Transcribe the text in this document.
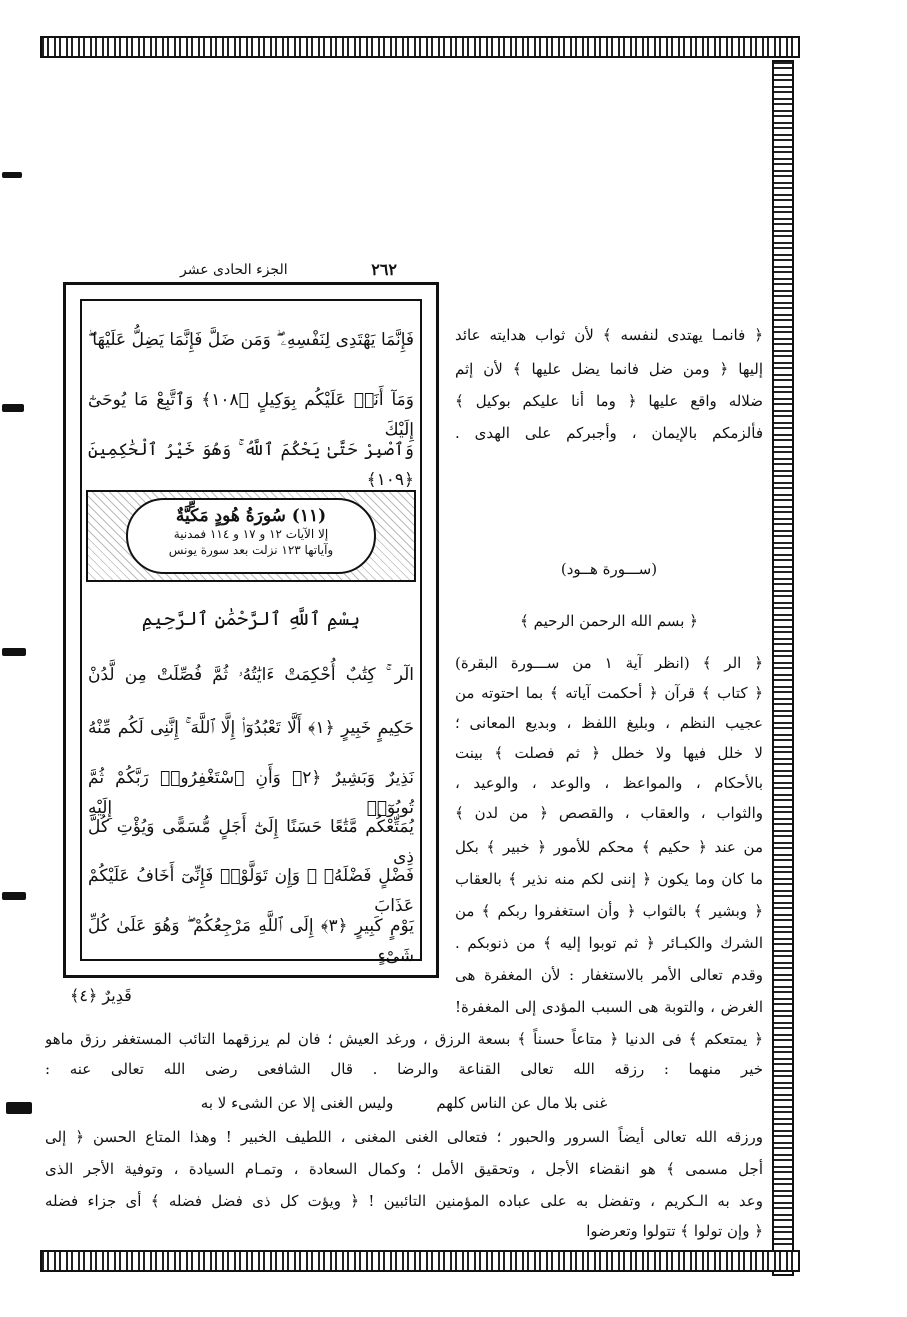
٢٦٢
الجزء الحادى عشر
فَإِنَّمَا يَهْتَدِى لِنَفْسِهِۦ ۖ وَمَن ضَلَّ فَإِنَّمَا يَضِلُّ عَلَيْهَا ۖ
وَمَآ أَنَا۠ عَلَيْكُم بِوَكِيلٍ ﴿١٠٨﴾ وَٱتَّبِعْ مَا يُوحَىٰٓ إِلَيْكَ
وَٱصْبِرْ حَتَّىٰ يَحْكُمَ ٱللَّهُ ۚ وَهُوَ خَيْرُ ٱلْحَٰكِمِينَ ﴿١٠٩﴾
(١١) سُورَةُ هُودٍ مَكِّيَّةٌ
إلا الآيات ١٢ و ١٧ و ١١٤ فمدنية
وآياتها ١٢٣ نزلت بعد سورة يونس
بِسْمِ ٱللَّهِ ٱلرَّحْمَٰنِ ٱلرَّحِيمِ
الٓر ۚ كِتَٰبٌ أُحْكِمَتْ ءَايَٰتُهُۥ ثُمَّ فُصِّلَتْ مِن لَّدُنْ
حَكِيمٍ خَبِيرٍ ﴿١﴾ أَلَّا تَعْبُدُوٓا۟ إِلَّا ٱللَّهَ ۚ إِنَّنِى لَكُم مِّنْهُ
نَذِيرٌ وَبَشِيرٌ ﴿٢﴾ وَأَنِ ٱسْتَغْفِرُوا۟ رَبَّكُمْ ثُمَّ تُوبُوٓا۟ إِلَيْهِ
يُمَتِّعْكُم مَّتَٰعًا حَسَنًا إِلَىٰٓ أَجَلٍ مُّسَمًّى وَيُؤْتِ كُلَّ ذِى
فَضْلٍ فَضْلَهُۥ ۖ وَإِن تَوَلَّوْا۟ فَإِنِّىٓ أَخَافُ عَلَيْكُمْ عَذَابَ
يَوْمٍ كَبِيرٍ ﴿٣﴾ إِلَى ٱللَّهِ مَرْجِعُكُمْ ۖ وَهُوَ عَلَىٰ كُلِّ شَىْءٍ
قَدِيرٌ ﴿٤﴾
﴿ فانمـا يهتدى لنفسه ﴾ لأن ثواب هدايته عائد
إليها ﴿ ومن ضل فانما يضل عليها ﴾ لأن إثم
ضلاله واقع عليها ﴿ وما أنا عليكم بوكيل ﴾
فألزمكم بالإيمان ، وأجبركم على الهدى .
(ســـورة هــود)
﴿ بسم الله الرحمن الرحيم ﴾
﴿ الر ﴾ (انظر آية ١ من ســـورة البقرة)
﴿ كتاب ﴾ قرآن ﴿ أحكمت آياته ﴾ بما احتوته من
عجيب النظم ، وبليغ اللفظ ، وبديع المعانى ؛
لا خلل فيها ولا خطل ﴿ ثم فصلت ﴾ بينت
بالأحكام ، والمواعظ ، والوعد ، والوعيد ،
والثواب ، والعقاب ، والقصص ﴿ من لدن ﴾
من عند ﴿ حكيم ﴾ محكم للأمور ﴿ خبير ﴾ بكل
ما كان وما يكون ﴿ إننى لكم منه نذير ﴾ بالعقاب
﴿ وبشير ﴾ بالثواب ﴿ وأن استغفروا ربكم ﴾ من
الشرك والكبـائر ﴿ ثم توبوا إليه ﴾ من ذنوبكم .
وقدم تعالى الأمر بالاستغفار : لأن المغفرة هى
الغرض ، والتوبة هى السبب المؤدى إلى المغفرة!
﴿ يمتعكم ﴾ فى الدنيا ﴿ متاعاً حسناً ﴾ بسعة الرزق ، ورغد العيش ؛ فان لم يرزقهما التائب المستغفر رزق ماهو
خير منهما : رزقه الله تعالى القناعة والرضا . قال الشافعى رضى الله تعالى عنه :
غنى بلا مال عن الناس كلهم         وليس الغنى إلا عن الشىء لا به
ورزقه الله تعالى أيضاً السرور والحبور ؛ فتعالى الغنى المغنى ، اللطيف الخبير ! وهذا المتاع الحسن ﴿ إلى
أجل مسمى ﴾ هو انقضاء الأجل ، وتحقيق الأمل ؛ وكمال السعادة ، وتمـام السيادة ، وتوفية الأجر الذى
وعد به الـكريم ، وتفضل به على عباده المؤمنين التائبين ! ﴿ ويؤت كل ذى فضل فضله ﴾ أى جزاء فضله
﴿ وإن تولوا ﴾ تتولوا وتعرضوا
